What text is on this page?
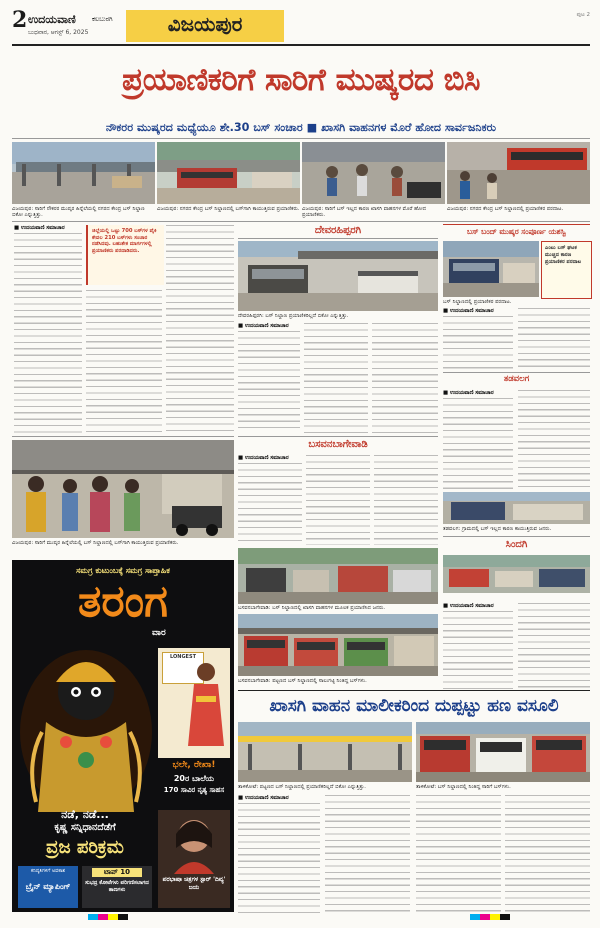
2 ಉದಯವಾಣಿ ಕಲಬುರಗಿ
ಬುಧವಾರ, ಆಗಸ್ಟ್ 6, 2025	ವಿಜಯಪುರ	ಪುಟ 2
ಪ್ರಯಾಣಿಕರಿಗೆ ಸಾರಿಗೆ ಮುಷ್ಕರದ ಬಿಸಿ
ನೌಕರರ ಮುಷ್ಕರದ ಮಧ್ಯೆಯೂ ಶೇ.30 ಬಸ್ ಸಂಚಾರ ■ ಖಾಸಗಿ ವಾಹನಗಳ ಮೊರೆ ಹೋದ ಸಾರ್ವಜನಿಕರು
ವಿಜಯಪುರ: ಸಾರಿಗೆ ನೌಕರರ ಮುಷ್ಕರ ಹಿನ್ನೆಲೆಯಲ್ಲಿ ನಗರದ ಕೇಂದ್ರ ಬಸ್ ನಿಲ್ದಾಣ ಬಿಕೋ ಎನ್ನುತ್ತಿತ್ತು.
ವಿಜಯಪುರ: ನಗರದ ಕೇಂದ್ರ ಬಸ್ ನಿಲ್ದಾಣದಲ್ಲಿ ಬಸ್‌ಗಾಗಿ ಕಾಯುತ್ತಿರುವ ಪ್ರಯಾಣಿಕರು. ವಿಜಯಪುರ: ಸಾರಿಗೆ ಬಸ್ ಇಲ್ಲದ ಕಾರಣ ಖಾಸಗಿ ವಾಹನಗಳ ಮೊರೆ ಹೋದ ಪ್ರಯಾಣಿಕರು.
ವಿಜಯಪುರ: ನಗರದ ಕೇಂದ್ರ ಬಸ್ ನಿಲ್ದಾಣದಲ್ಲಿ ಪ್ರಯಾಣಿಕರ ಪರದಾಟ.
■ ಉದಯವಾಣಿ ಸಮಾಚಾರ	ಜಿಲ್ಲೆಯಲ್ಲಿ ಒಟ್ಟು 700 ಬಸ್‌ಗಳ ಪೈಕಿ ಕೇವಲ 210 ಬಸ್‌ಗಳು ಸಂಚಾರ ನಡೆಸಿದವು. ಬಹುತೇಕ ಮಾರ್ಗಗಳಲ್ಲಿ ಪ್ರಯಾಣಿಕರು ಪರದಾಡಿದರು.
ದೇವರಹಿಪ್ಪರಗಿ
ದೇವರಹಿಪ್ಪರಗಿ: ಬಸ್ ನಿಲ್ದಾಣ ಪ್ರಯಾಣಿಕರಿಲ್ಲದೆ ಬಿಕೋ ಎನ್ನುತ್ತಿತ್ತು.
■ ಉದಯವಾಣಿ ಸಮಾಚಾರ
ಬಸ್ ಬಂದ್ ಮುಷ್ಕರ ಸಂಪೂರ್ಣ ಯಶಸ್ವಿ
ಎಂಟು ಬಸ್ ಘಟಕ ಮುಚ್ಚಿದ ಕಾರಣ ಪ್ರಯಾಣಿಕರ ಪರದಾಟ
ಬಸ್ ನಿಲ್ದಾಣದಲ್ಲಿ ಪ್ರಯಾಣಿಕರ ಪರದಾಟ.
■ ಉದಯವಾಣಿ ಸಮಾಚಾರ
ತಡವಲಗ
■ ಉದಯವಾಣಿ ಸಮಾಚಾರ
ತಡವಲಗ: ಗ್ರಾಮದಲ್ಲಿ ಬಸ್ ಇಲ್ಲದ ಕಾರಣ ಕಾಯುತ್ತಿರುವ ಜನರು.
ವಿಜಯಪುರ: ಸಾರಿಗೆ ಮುಷ್ಕರ ಹಿನ್ನೆಲೆಯಲ್ಲಿ ಬಸ್ ನಿಲ್ದಾಣದಲ್ಲಿ ಬಸ್‌ಗಾಗಿ ಕಾಯುತ್ತಿರುವ ಪ್ರಯಾಣಿಕರು.
ಬಸವನಬಾಗೇವಾಡಿ
■ ಉದಯವಾಣಿ ಸಮಾಚಾರ
ಬಸವನಬಾಗೇವಾಡಿ: ಬಸ್ ನಿಲ್ದಾಣದಲ್ಲಿ ಖಾಸಗಿ ವಾಹನಗಳ ಮೂಲಕ ಪ್ರಯಾಣಿಸಿದ ಜನರು.
ಬಸವನಬಾಗೇವಾಡಿ: ಪಟ್ಟಣದ ಬಸ್ ನಿಲ್ದಾಣದಲ್ಲಿ ಸಾಲುಗಟ್ಟಿ ನಿಂತಿದ್ದ ಬಸ್‌ಗಳು.
ಸಿಂದಗಿ
■ ಉದಯವಾಣಿ ಸಮಾಚಾರ
ಖಾಸಗಿ ವಾಹನ ಮಾಲೀಕರಿಂದ ದುಪ್ಪಟ್ಟು ಹಣ ವಸೂಲಿ
ತಾಳಿಕೋಟೆ: ಪಟ್ಟಣದ ಬಸ್ ನಿಲ್ದಾಣದಲ್ಲಿ ಪ್ರಯಾಣಿಕರಿಲ್ಲದೆ ಬಿಕೋ ಎನ್ನುತ್ತಿತ್ತು.	ತಾಳಿಕೋಟೆ: ಬಸ್ ನಿಲ್ದಾಣದಲ್ಲಿ ನಿಂತಿದ್ದ ಸಾರಿಗೆ ಬಸ್‌ಗಳು.
■ ಉದಯವಾಣಿ ಸಮಾಚಾರ
ಸಮಗ್ರ ಕುಟುಂಬಕ್ಕೆ ಸಮಗ್ರ ಸಾಪ್ತಾಹಿಕ
ತರಂಗ
ವಾರ
LONGEST
ಭಲೇ, ರೇಖಾ!
20ರ ಬಾಲೆಯ
170 ಸಾವಿರ ನೃತ್ಯ ಸಾಹಸ
ನಡೆ, ನಡೆ...
ಕೃಷ್ಣ ಸನ್ನಿಧಾನದೆಡೆಗೆ
ವ್ರಜ ಪರಿಕ್ರಮ
ಕನಿಷ್ಠತಿಗಳಿಗೆ ಅವಕಾಶ
ಬ್ರೈನ್ ಮ್ಯಾಪಿಂಗ್
ಟಾಪ್ 10
ಸುಭದ್ರ ಕೋಟೆಗಳು ಪರಿಗಣಿಸಲಾಗದ ತಾಣಗಳು
ಪರಭಾಷಾ ಚಿತ್ರಗಳ ಸ್ಟಾರ್ 'ದಿವ್ಯ' ಜಯ
